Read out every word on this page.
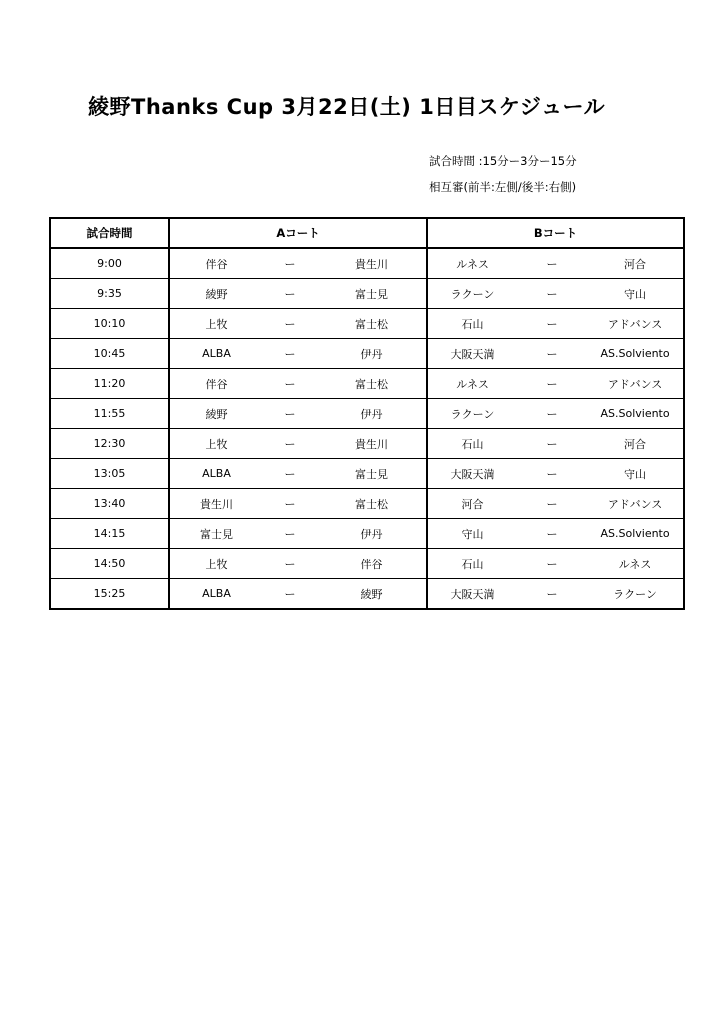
綾野Thanks Cup 3月22日(土) 1日目スケジュール
試合時間 :15分ー3分ー15分
相互審(前半:左側/後半:右側)
試合時間	Aコート			Bコート		
9:00	伴谷	ー	貴生川	ルネス	ー	河合
9:35	綾野	ー	富士見	ラクーン	ー	守山
10:10	上牧	ー	富士松	石山	ー	アドバンス
10:45	ALBA	ー	伊丹	大阪天満	ー	AS.Solviento
11:20	伴谷	ー	富士松	ルネス	ー	アドバンス
11:55	綾野	ー	伊丹	ラクーン	ー	AS.Solviento
12:30	上牧	ー	貴生川	石山	ー	河合
13:05	ALBA	ー	富士見	大阪天満	ー	守山
13:40	貴生川	ー	富士松	河合	ー	アドバンス
14:15	富士見	ー	伊丹	守山	ー	AS.Solviento
14:50	上牧	ー	伴谷	石山	ー	ルネス
15:25	ALBA	ー	綾野	大阪天満	ー	ラクーン
